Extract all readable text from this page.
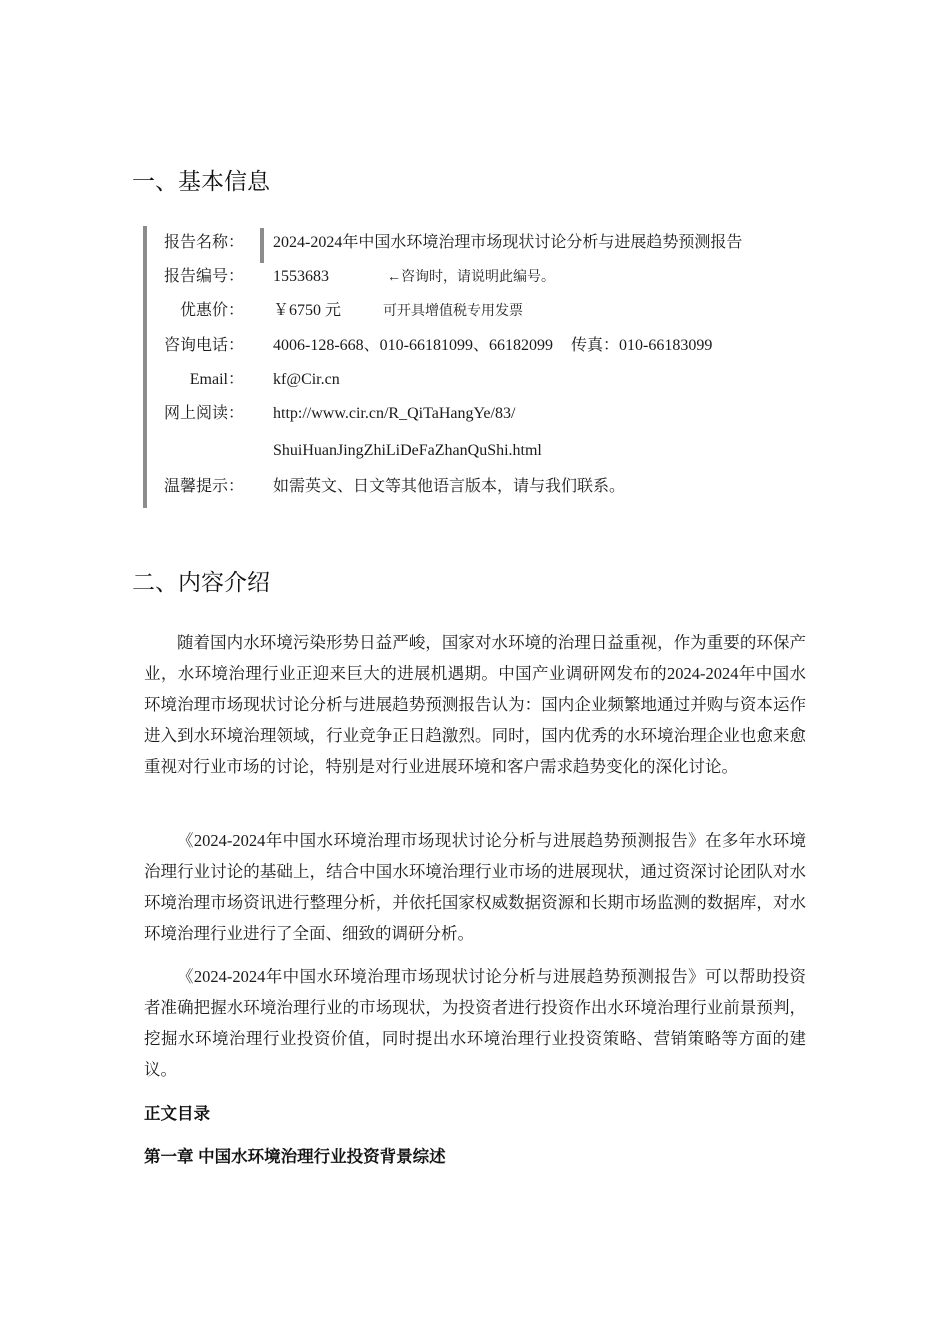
一、基本信息
报告名称： 2024-2024年中国水环境治理市场现状讨论分析与进展趋势预测报告
报告编号： 1553683	←咨询时，请说明此编号。
优惠价： ￥6750 元	可开具增值税专用发票
咨询电话： 4006-128-668、010-66181099、66182099 传真：010-66183099
Email： kf@Cir.cn
网上阅读： http://www.cir.cn/R_QiTaHangYe/83/
ShuiHuanJingZhiLiDeFaZhanQuShi.html
温馨提示： 如需英文、日文等其他语言版本，请与我们联系。
二、内容介绍

随着国内水环境污染形势日益严峻，国家对水环境的治理日益重视，作为重要的环保产业，水环境治理行业正迎来巨大的进展机遇期。中国产业调研网发布的2024-2024年中国水环境治理市场现状讨论分析与进展趋势预测报告认为：国内企业频繁地通过并购与资本运作进入到水环境治理领域，行业竞争正日趋激烈。同时，国内优秀的水环境治理企业也愈来愈重视对行业市场的讨论，特别是对行业进展环境和客户需求趋势变化的深化讨论。

《2024-2024年中国水环境治理市场现状讨论分析与进展趋势预测报告》在多年水环境治理行业讨论的基础上，结合中国水环境治理行业市场的进展现状，通过资深讨论团队对水环境治理市场资讯进行整理分析，并依托国家权威数据资源和长期市场监测的数据库，对水环境治理行业进行了全面、细致的调研分析。

《2024-2024年中国水环境治理市场现状讨论分析与进展趋势预测报告》可以帮助投资者准确把握水环境治理行业的市场现状，为投资者进行投资作出水环境治理行业前景预判，挖掘水环境治理行业投资价值，同时提出水环境治理行业投资策略、营销策略等方面的建议。

正文目录

第一章 中国水环境治理行业投资背景综述
